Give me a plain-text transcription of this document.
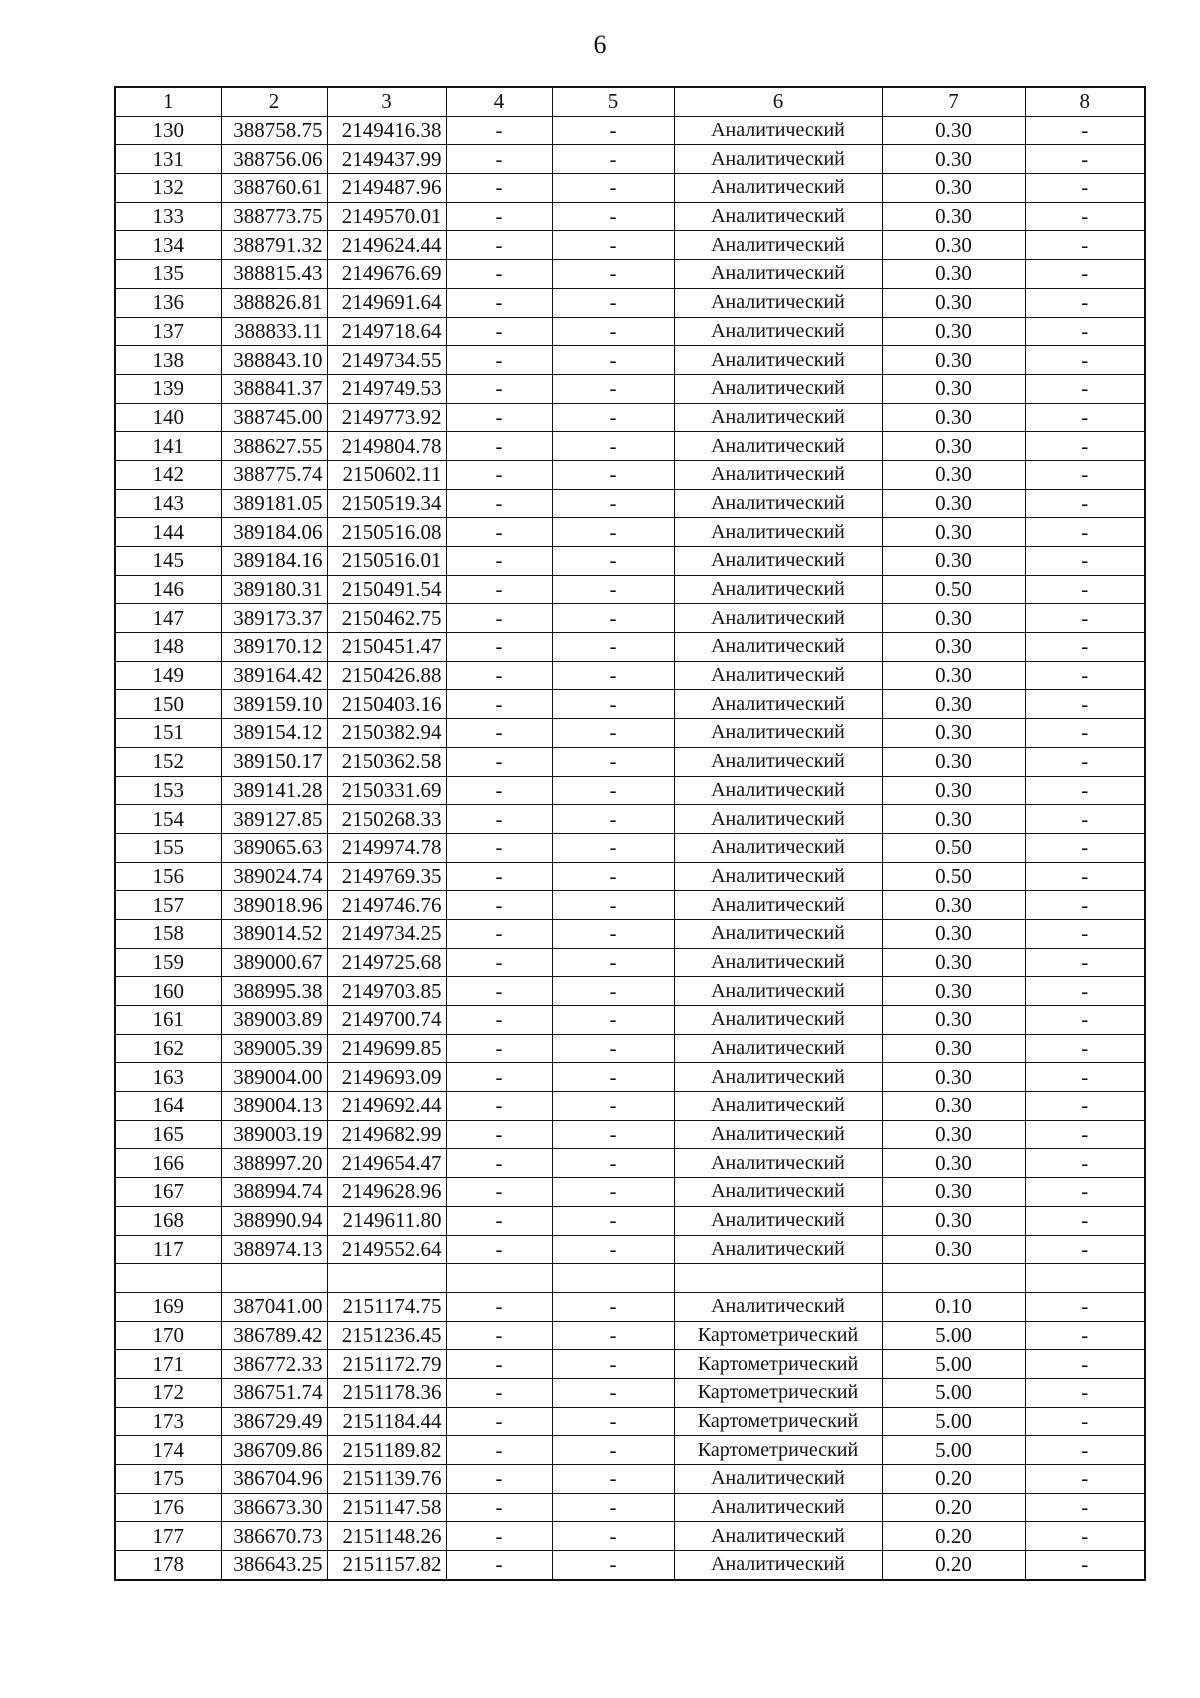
6
1	2	3	4	5	6	7	8
130	388758.75	2149416.38	-	-	Аналитический	0.30	-
131	388756.06	2149437.99	-	-	Аналитический	0.30	-
132	388760.61	2149487.96	-	-	Аналитический	0.30	-
133	388773.75	2149570.01	-	-	Аналитический	0.30	-
134	388791.32	2149624.44	-	-	Аналитический	0.30	-
135	388815.43	2149676.69	-	-	Аналитический	0.30	-
136	388826.81	2149691.64	-	-	Аналитический	0.30	-
137	388833.11	2149718.64	-	-	Аналитический	0.30	-
138	388843.10	2149734.55	-	-	Аналитический	0.30	-
139	388841.37	2149749.53	-	-	Аналитический	0.30	-
140	388745.00	2149773.92	-	-	Аналитический	0.30	-
141	388627.55	2149804.78	-	-	Аналитический	0.30	-
142	388775.74	2150602.11	-	-	Аналитический	0.30	-
143	389181.05	2150519.34	-	-	Аналитический	0.30	-
144	389184.06	2150516.08	-	-	Аналитический	0.30	-
145	389184.16	2150516.01	-	-	Аналитический	0.30	-
146	389180.31	2150491.54	-	-	Аналитический	0.50	-
147	389173.37	2150462.75	-	-	Аналитический	0.30	-
148	389170.12	2150451.47	-	-	Аналитический	0.30	-
149	389164.42	2150426.88	-	-	Аналитический	0.30	-
150	389159.10	2150403.16	-	-	Аналитический	0.30	-
151	389154.12	2150382.94	-	-	Аналитический	0.30	-
152	389150.17	2150362.58	-	-	Аналитический	0.30	-
153	389141.28	2150331.69	-	-	Аналитический	0.30	-
154	389127.85	2150268.33	-	-	Аналитический	0.30	-
155	389065.63	2149974.78	-	-	Аналитический	0.50	-
156	389024.74	2149769.35	-	-	Аналитический	0.50	-
157	389018.96	2149746.76	-	-	Аналитический	0.30	-
158	389014.52	2149734.25	-	-	Аналитический	0.30	-
159	389000.67	2149725.68	-	-	Аналитический	0.30	-
160	388995.38	2149703.85	-	-	Аналитический	0.30	-
161	389003.89	2149700.74	-	-	Аналитический	0.30	-
162	389005.39	2149699.85	-	-	Аналитический	0.30	-
163	389004.00	2149693.09	-	-	Аналитический	0.30	-
164	389004.13	2149692.44	-	-	Аналитический	0.30	-
165	389003.19	2149682.99	-	-	Аналитический	0.30	-
166	388997.20	2149654.47	-	-	Аналитический	0.30	-
167	388994.74	2149628.96	-	-	Аналитический	0.30	-
168	388990.94	2149611.80	-	-	Аналитический	0.30	-
117	388974.13	2149552.64	-	-	Аналитический	0.30	-

169	387041.00	2151174.75	-	-	Аналитический	0.10	-
170	386789.42	2151236.45	-	-	Картометрический	5.00	-
171	386772.33	2151172.79	-	-	Картометрический	5.00	-
172	386751.74	2151178.36	-	-	Картометрический	5.00	-
173	386729.49	2151184.44	-	-	Картометрический	5.00	-
174	386709.86	2151189.82	-	-	Картометрический	5.00	-
175	386704.96	2151139.76	-	-	Аналитический	0.20	-
176	386673.30	2151147.58	-	-	Аналитический	0.20	-
177	386670.73	2151148.26	-	-	Аналитический	0.20	-
178	386643.25	2151157.82	-	-	Аналитический	0.20	-
